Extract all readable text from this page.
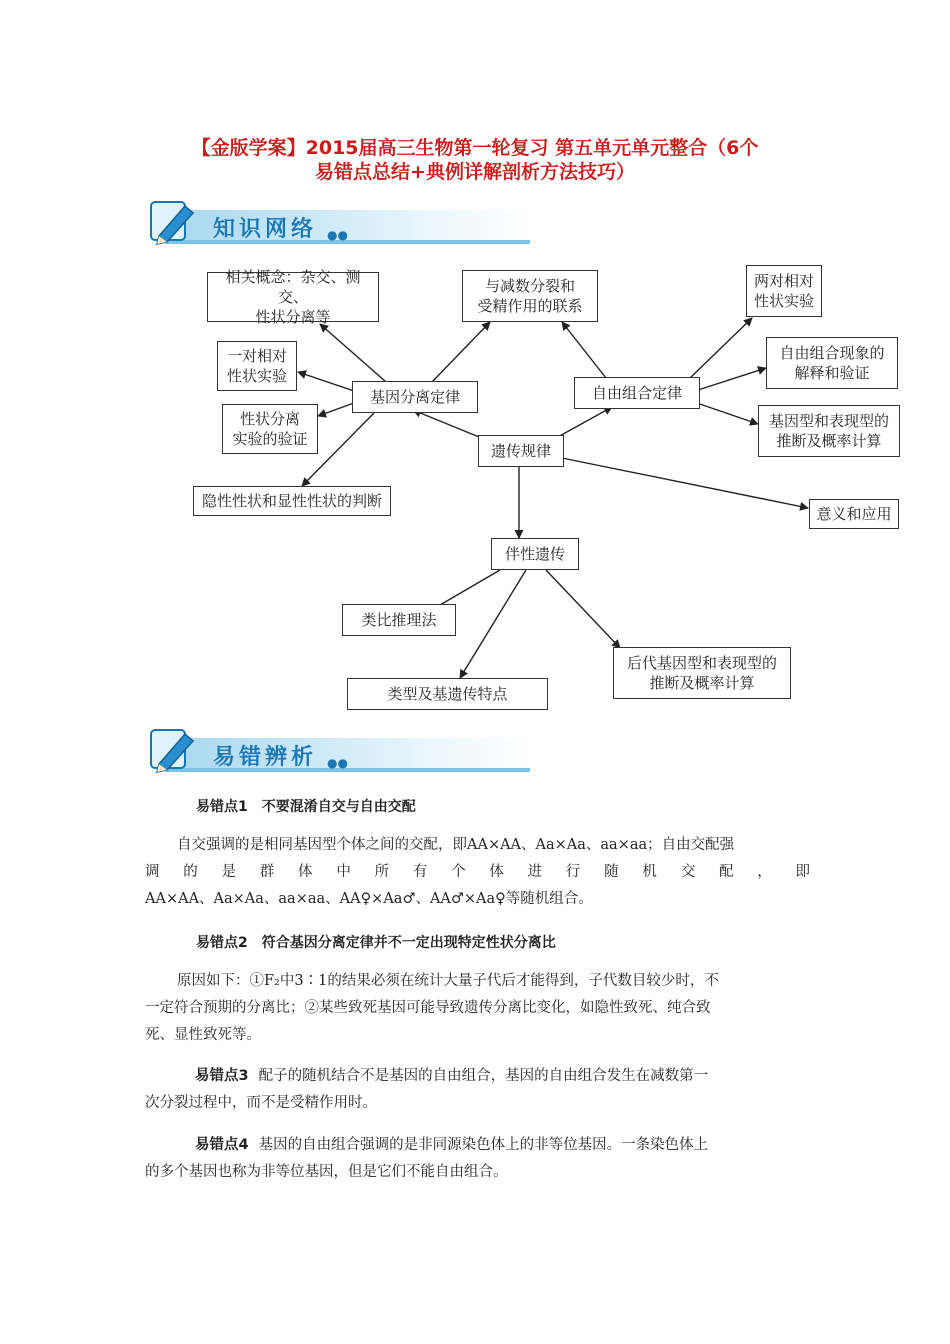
【金版学案】2015届高三生物第一轮复习 第五单元单元整合（6个
易错点总结+典例详解剖析方法技巧）
知识网络 ●●
遗传规律
基因分离定律	自由组合定律
伴性遗传
相关概念：杂交、测交、
性状分离等
与减数分裂和
受精作用的联系
一对相对
性状实验
性状分离
实验的验证
隐性性状和显性性状的判断
两对相对
性状实验
自由组合现象的
解释和验证
基因型和表现型的
推断及概率计算
意义和应用
类比推理法
类型及基遗传特点
后代基因型和表现型的
推断及概率计算
易错辨析 ●●
易错点1 不要混淆自交与自由交配
自交强调的是相同基因型个体之间的交配，即AA×AA、Aa×Aa、aa×aa；自由交配强
调 的 是 群 体 中 所 有 个 体 进 行 随 机 交 配 ， 即
AA×AA、Aa×Aa、aa×aa、AA♀×Aa♂、AA♂×Aa♀等随机组合。
易错点2 符合基因分离定律并不一定出现特定性状分离比
原因如下：①F₂中3∶1的结果必须在统计大量子代后才能得到，子代数目较少时，不
一定符合预期的分离比；②某些致死基因可能导致遗传分离比变化，如隐性致死、纯合致
死、显性致死等。
易错点3 配子的随机结合不是基因的自由组合，基因的自由组合发生在减数第一
次分裂过程中，而不是受精作用时。
易错点4 基因的自由组合强调的是非同源染色体上的非等位基因。一条染色体上
的多个基因也称为非等位基因，但是它们不能自由组合。
